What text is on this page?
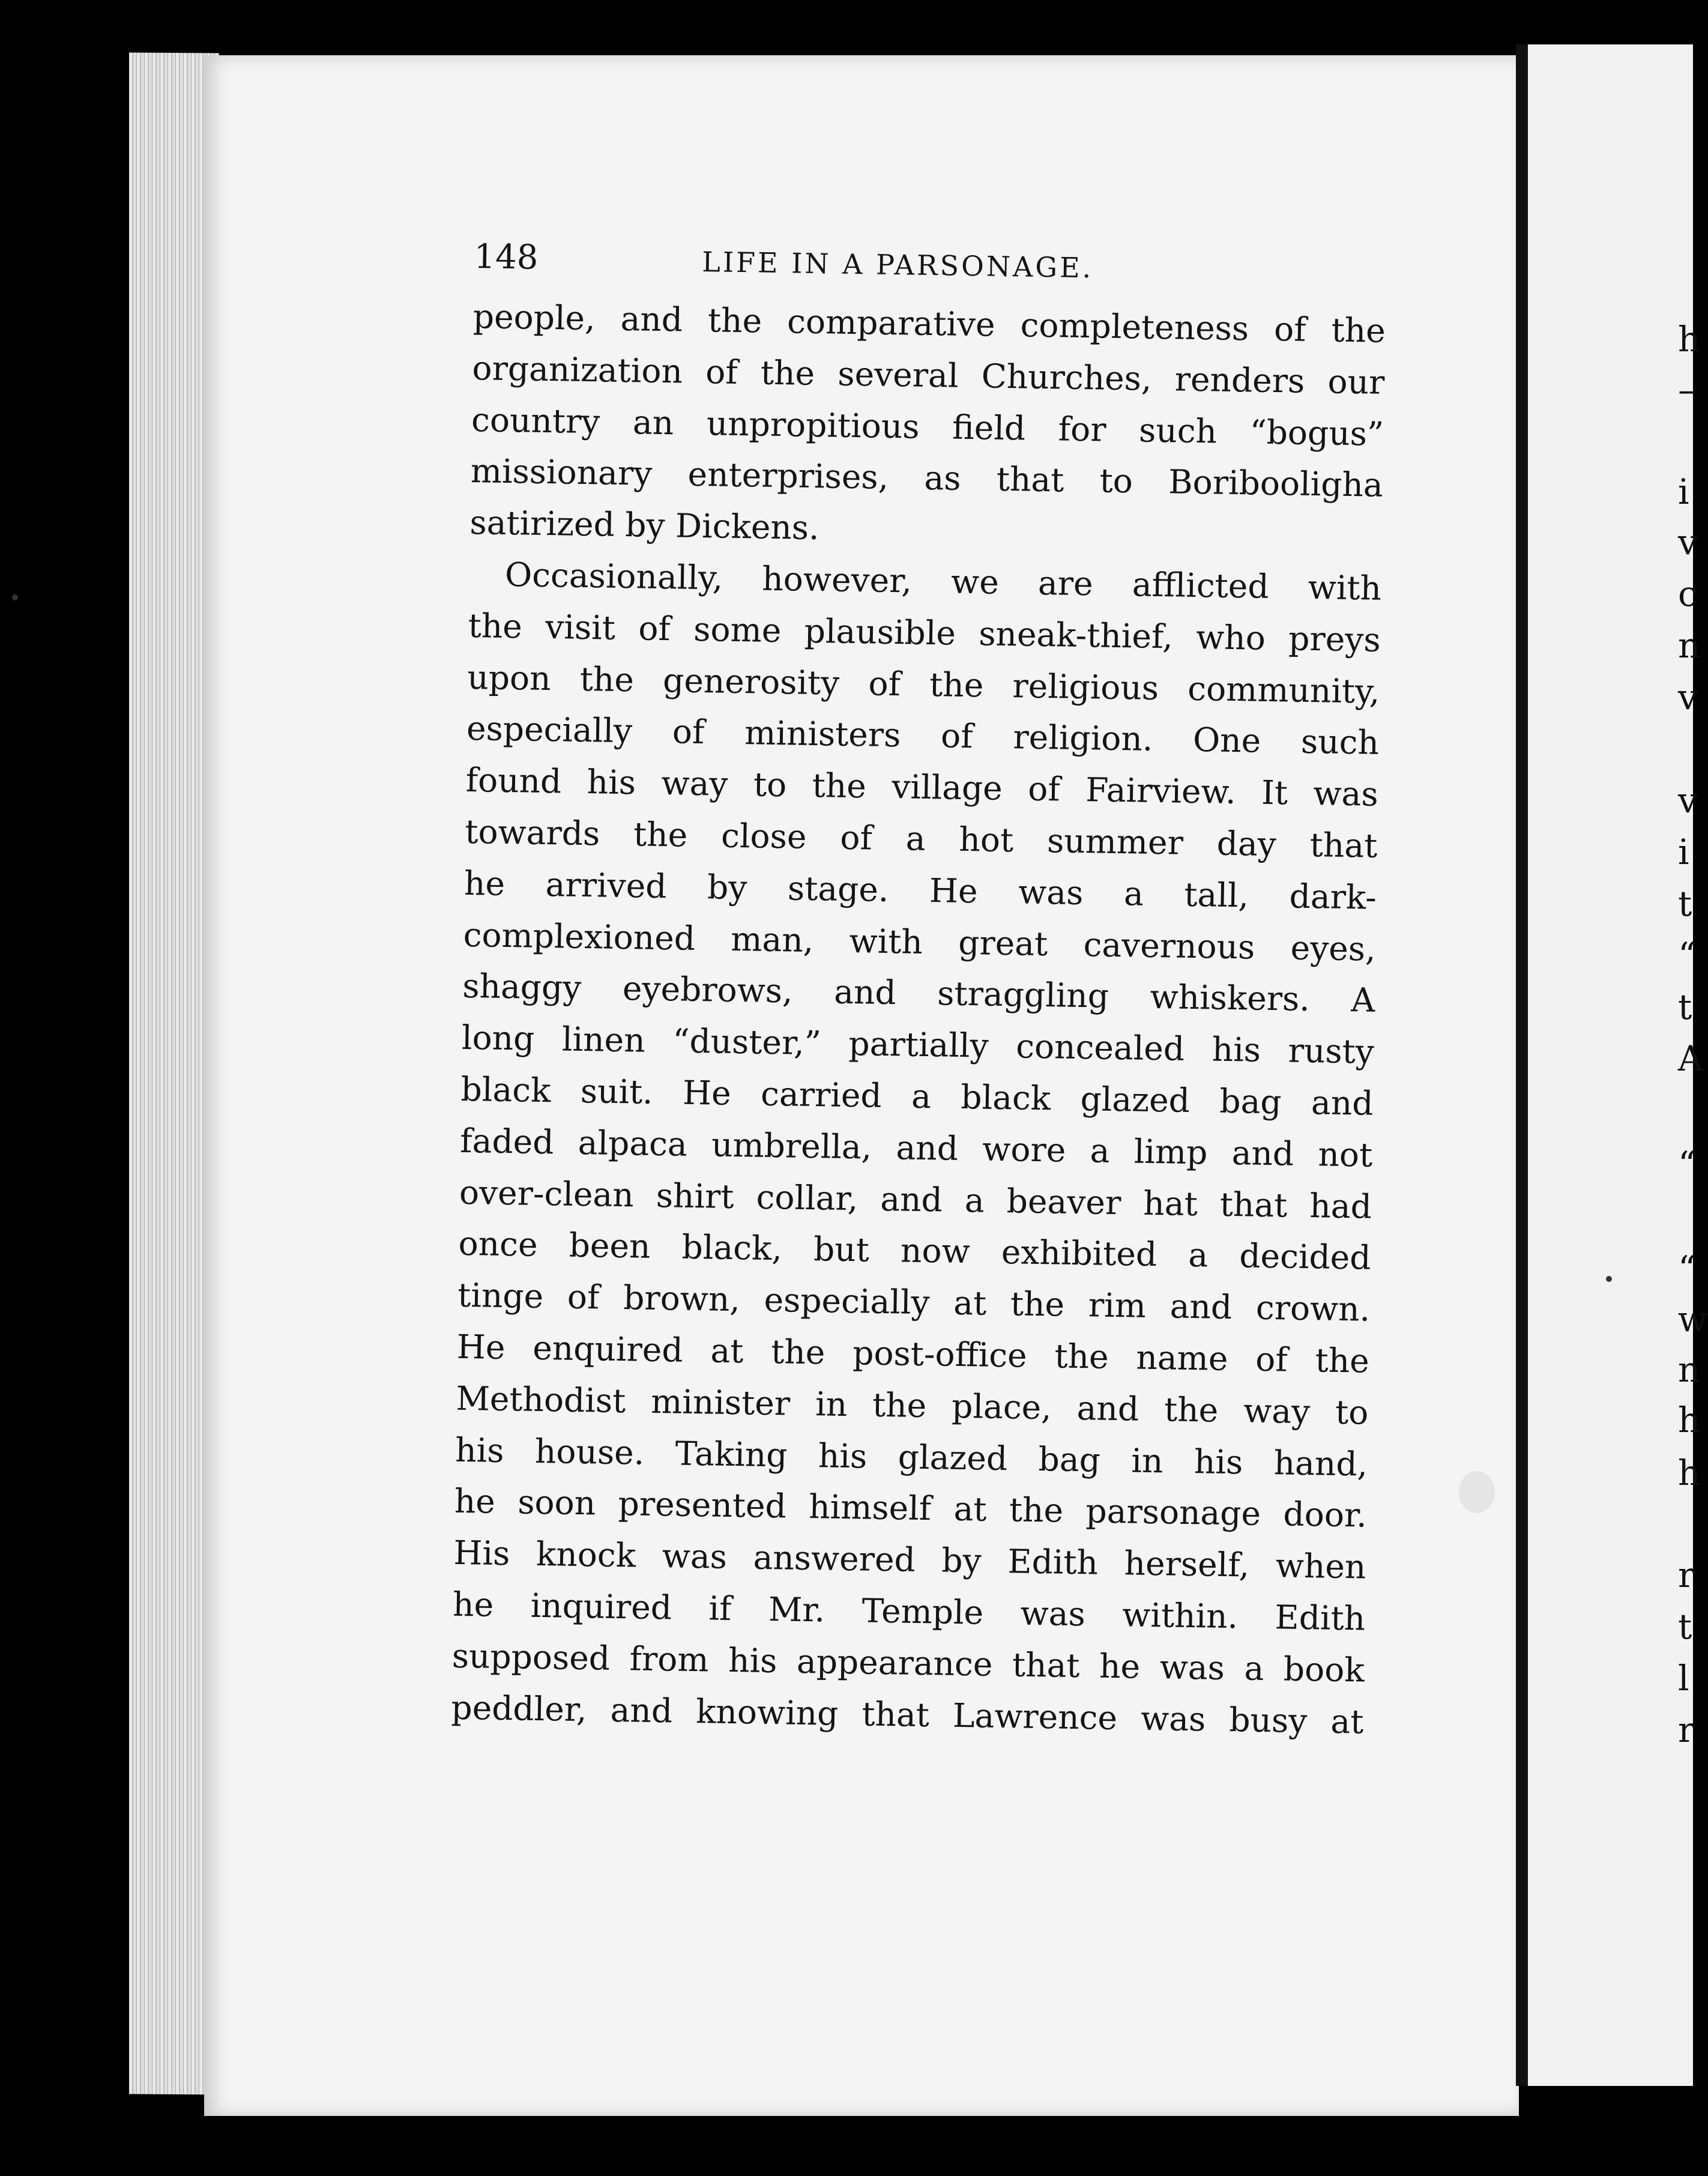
148	LIFE IN A PARSONAGE.
people, and the comparative completeness of the
organization of the several Churches, renders our
country an unpropitious field for such “bogus”
missionary enterprises, as that to Boribooligha
satirized by Dickens.
Occasionally, however, we are afflicted with
the visit of some plausible sneak-thief, who preys
upon the generosity of the religious community,
especially of ministers of religion. One such
found his way to the village of Fairview. It was
towards the close of a hot summer day that
he arrived by stage. He was a tall, dark-
complexioned man, with great cavernous eyes,
shaggy eyebrows, and straggling whiskers. A
long linen “duster,” partially concealed his rusty
black suit. He carried a black glazed bag and
faded alpaca umbrella, and wore a limp and not
over-clean shirt collar, and a beaver hat that had
once been black, but now exhibited a decided
tinge of brown, especially at the rim and crown.
He enquired at the post-office the name of the
Methodist minister in the place, and the way to
his house. Taking his glazed bag in his hand,
he soon presented himself at the parsonage door.
His knock was answered by Edith herself, when
he inquired if Mr. Temple was within. Edith
supposed from his appearance that he was a book
peddler, and knowing that Lawrence was busy at
h
–
i
v
c
n
v
v
i
t
“
t
A
“
“
w
n
h
h
r
t
l
r
